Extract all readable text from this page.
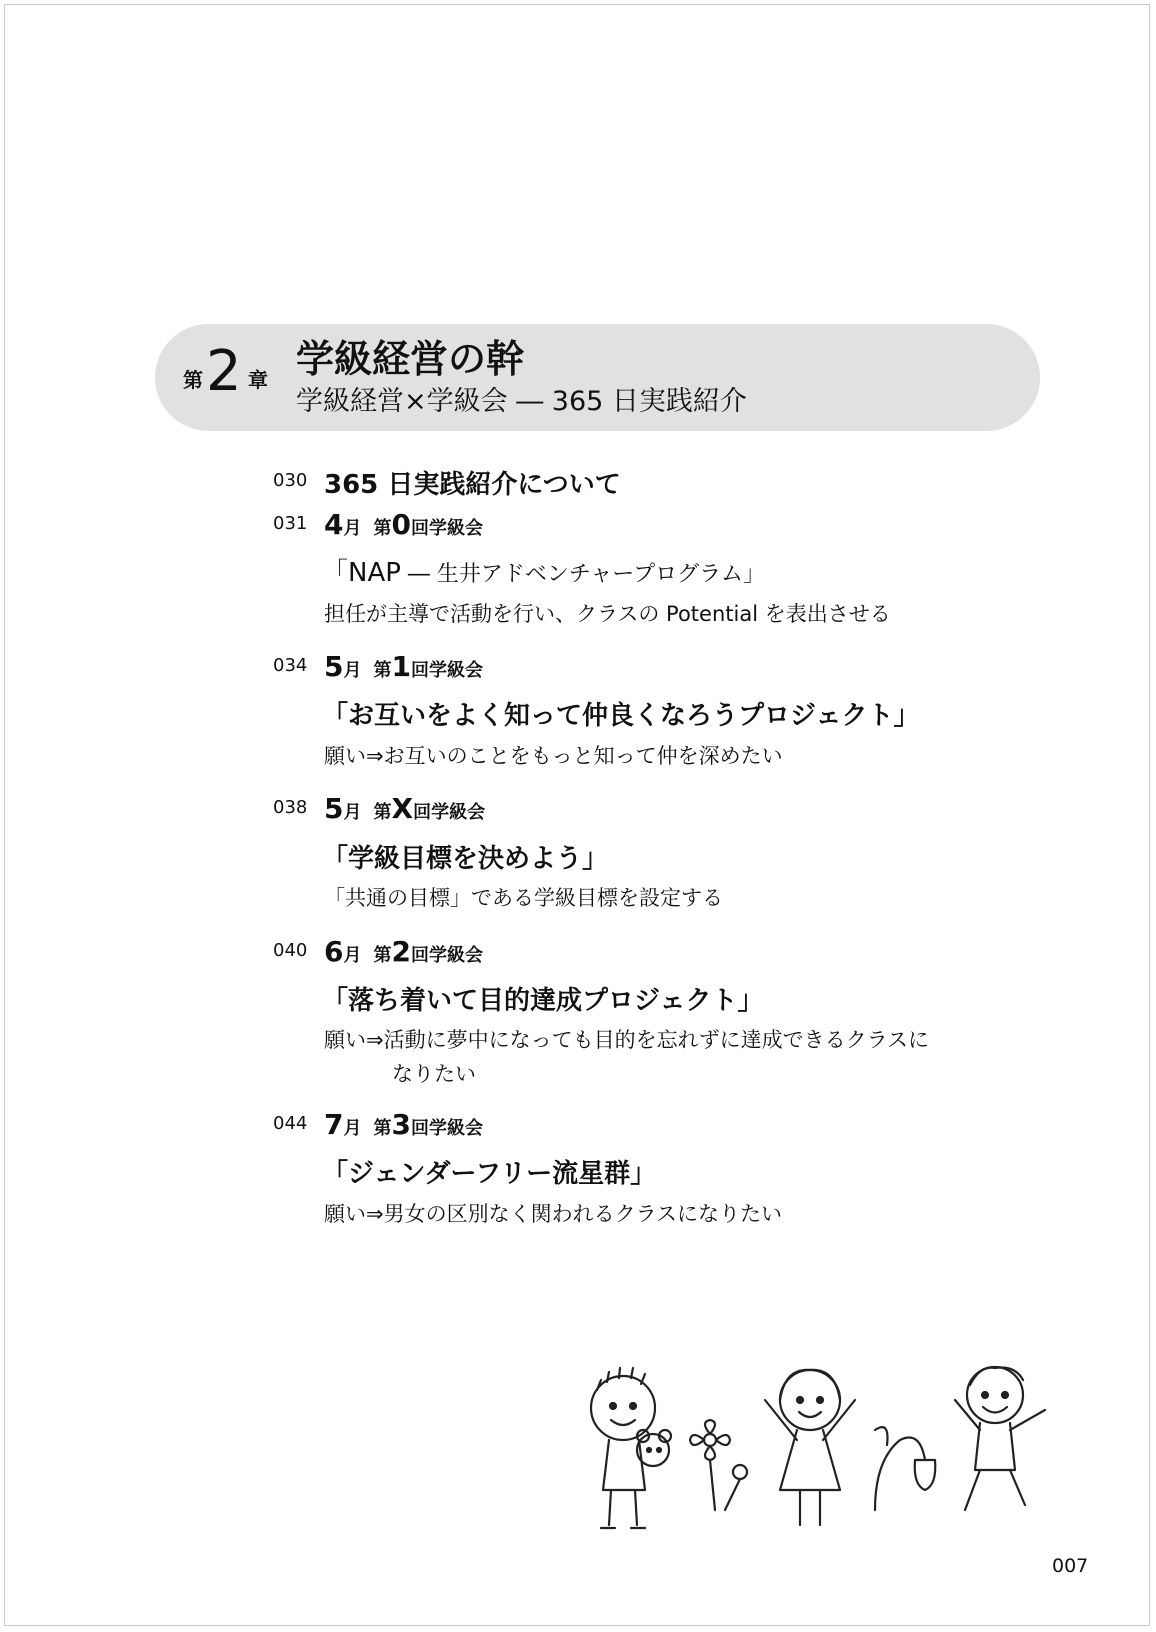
第 2 章 学級経営の幹
学級経営×学級会 ― 365 日実践紹介
030 365 日実践紹介について
031 4月 第0回学級会
「NAP ― 生井アドベンチャープログラム」
担任が主導で活動を行い、クラスの Potential を表出させる
034 5月 第1回学級会
「お互いをよく知って仲良くなろうプロジェクト」
願い⇒お互いのことをもっと知って仲を深めたい
038 5月 第X回学級会
「学級目標を決めよう」
「共通の目標」である学級目標を設定する
040 6月 第2回学級会
「落ち着いて目的達成プロジェクト」
願い⇒活動に夢中になっても目的を忘れずに達成できるクラスに
なりたい
044 7月 第3回学級会
「ジェンダーフリー流星群」
願い⇒男女の区別なく関われるクラスになりたい
007
